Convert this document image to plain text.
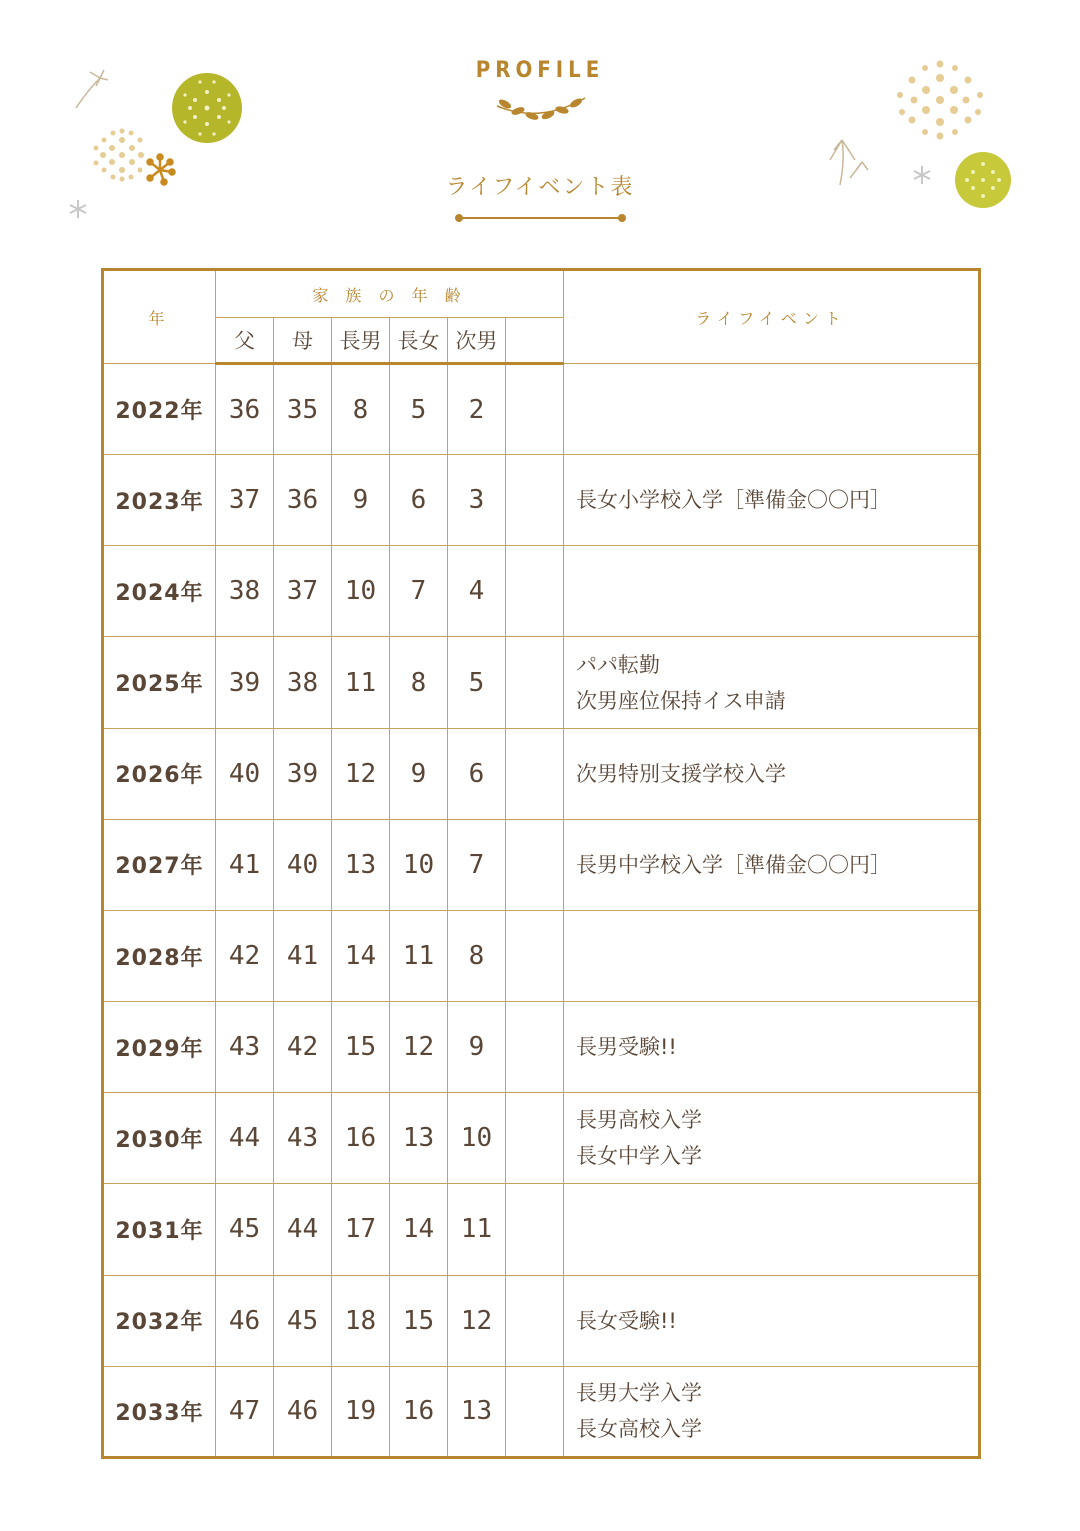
PROFILE
ライフイベント表
年	家 族 の 年 齢						ライフイベント
	父	母	長男	長女	次男		
2022年	36	35	8	5	2		
2023年	37	36	9	6	3		長女小学校入学［準備金〇〇円］

2024年	38	37	10	7	4		
2025年	39	38	11	8	5		パパ転勤
次男座位保持イス申請

2026年	40	39	12	9	6		次男特別支援学校入学

2027年	41	40	13	10	7		長男中学校入学［準備金〇〇円］

2028年	42	41	14	11	8		
2029年	43	42	15	12	9		長男受験!!

2030年	44	43	16	13	10		長男高校入学
長女中学入学

2031年	45	44	17	14	11		
2032年	46	45	18	15	12		長女受験!!

2033年	47	46	19	16	13		長男大学入学
長女高校入学
